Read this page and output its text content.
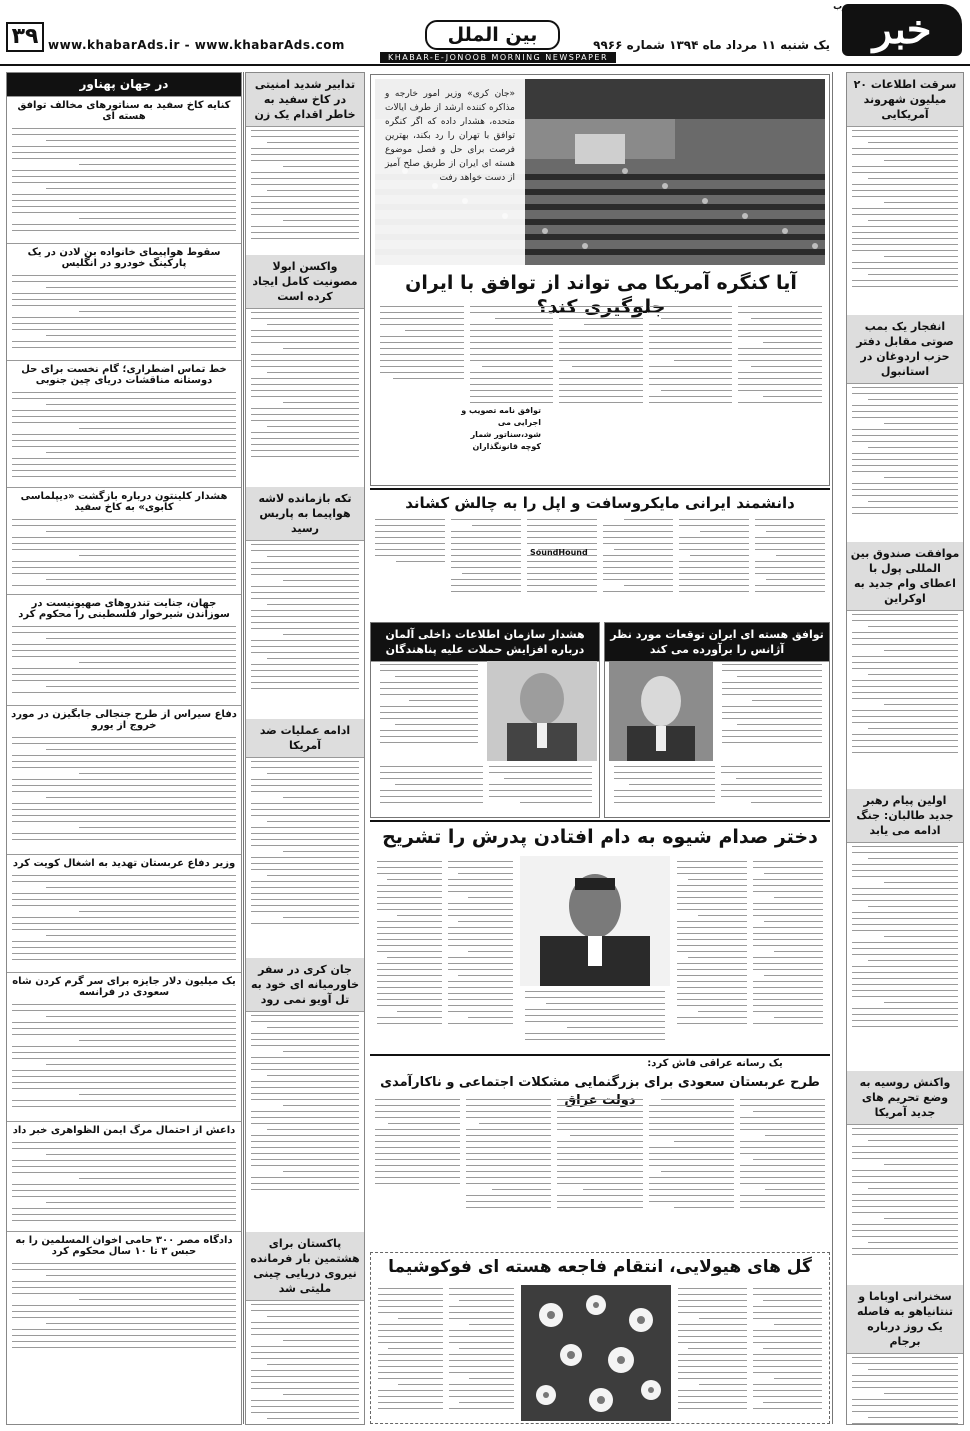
خبر
جنوب
یک شنبه ۱۱ مرداد ماه ۱۳۹۴ شماره ۹۹۶۶
بین الملل
www.khabarAds.ir - www.khabarAds.com
۳۹
KHABAR-E-JONOOB MORNING NEWSPAPER
سرقت اطلاعات ۲۰ میلیون شهروند آمریکایی
انفجار یک بمب صوتی مقابل دفتر حزب اردوغان در استانبول
موافقت صندوق بین المللی پول با اعطای وام جدید به اوکراین
اولین پیام رهبر جدید طالبان: جنگ ادامه می یابد
واکنش روسیه به وضع تحریم های جدید آمریکا
سخنرانی اوباما و تنتانیاهو به فاصله یک روز درباره برجام
«جان کری» وزیر امور خارجه و مذاکره کننده ارشد از طرف ایالات متحده، هشدار داده که اگر کنگره توافق با تهران را رد بکند، بهترین فرصت برای حل و فصل موضوع هسته ای ایران از طریق صلح آمیز از دست خواهد رفت
آیا کنگره آمریکا می تواند از توافق با ایران جلوگیری کند؟
توافق نامه تصویب و اجرایی می شود،سناتور شمار کوچه قانونگذاران
تدابیر شدید امنیتی در کاخ سفید به خاطر اقدام یک زن
واکسن ابولا مصونیت کامل ایجاد کرده است
تکه بازمانده لاشه هواپیما به پاریس رسید
ادامه عملیات ضد آمریکا
جان کری در سفر خاورمیانه ای خود به تل آویو نمی رود
پاکستان برای هشتمین بار فرمانده نیروی دریایی چینی ملیتی شد
دانشمند ایرانی مایکروسافت و اپل را به چالش کشاند
SoundHound
توافق هسته ای ایران توقعات مورد نظر آژانس را برآورده می کند
هشدار سازمان اطلاعات داخلی آلمان درباره افزایش حملات علیه پناهندگان
دختر صدام شیوه به دام افتادن پدرش را تشریح
یک رسانه عراقی فاش کرد:
طرح عربستان سعودی برای بزرگنمایی مشکلات اجتماعی و ناکارآمدی دولت عراق
گل های هیولایی، انتقام فاجعه هسته ای فوکوشیما
در جهان پهناور
کنایه کاخ سفید به سناتورهای مخالف توافق هسته ای
سقوط هواپیمای خانواده بن لادن در یک پارکینگ خودرو در انگلیس
خط تماس اضطراری؛ گام نخست برای حل دوستانه مناقشات دریای چین جنوبی
هشدار کلینتون درباره بازگشت «دیپلماسی کابوی» به کاخ سفید
جهان، جنایت تندروهای صهیونیست در سوزاندن شیرخوار فلسطینی را محکوم کرد
دفاع سیراس از طرح جنجالی جابگیزن در مورد خروج از یورو
وزیر دفاع عربستان تهدید به اشغال کویت کرد
یک میلیون دلار جایزه برای سر گرم کردن شاه سعودی در فرانسه
داعش از احتمال مرگ ایمن الظواهری خبر داد
دادگاه مصر ۳۰۰ حامی اخوان المسلمین را به حبس ۳ تا ۱۰ سال محکوم کرد
